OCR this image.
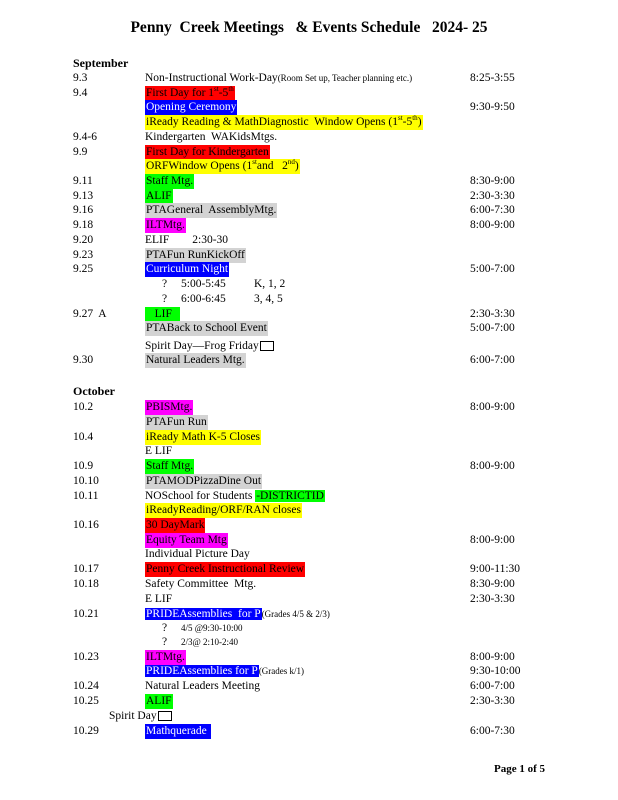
Penny  Creek Meetings   & Events Schedule   2024- 25
September
9.3	Non-Instructional Work-Day(Room Set up, Teacher planning etc.)	8:25-3:55
9.4	First Day for 1st-5th
Opening Ceremony	9:30-9:50
iReady Reading & MathDiagnostic  Window Opens (1st-5th)
9.4-6	Kindergarten  WAKidsMtgs.
9.9	First Day for Kindergarten
ORFWindow Opens (1stand   2nd)
9.11	Staff Mtg.	8:30-9:00
9.13	ALIF	2:30-3:30
9.16	PTAGeneral  AssemblyMtg.	6:00-7:30
9.18	ILTMtg.	8:00-9:00
9.20	ELIF        2:30-30
9.23	PTAFun RunKickOff
9.25	Curriculum Night	5:00-7:00
? 5:00-5:45 K, 1, 2
? 6:00-6:45 3, 4, 5
9.27  A	LIF	2:30-3:30
PTABack to School Event	5:00-7:00
Spirit Day—Frog Friday
9.30	Natural Leaders Mtg.	6:00-7:00
October
10.2	PBISMtg.	8:00-9:00
PTAFun Run
10.4	iReady Math K-5 Closes
E LIF
10.9	Staff Mtg.	8:00-9:00
10.10	PTAMODPizzaDine Out
10.11	NOSchool for Students -DISTRICTID
iReadyReading/ORF/RAN closes
10.16	30 DayMark
Equity Team Mtg	8:00-9:00
Individual Picture Day
10.17	Penny Creek Instructional Review	9:00-11:30
10.18	Safety Committee  Mtg.	8:30-9:00
E LIF	2:30-3:30
10.21	PRIDEAssemblies  for P(Grades 4/5 & 2/3)
? 4/5 @9:30-10:00
? 2/3@ 2:10-2:40
10.23	ILTMtg.	8:00-9:00
PRIDEAssemblies for P(Grades k/1)	9:30-10:00
10.24	Natural Leaders Meeting	6:00-7:00
10.25	ALIF	2:30-3:30
Spirit Day
10.29	Mathquerade	6:00-7:30
Page 1 of 5
